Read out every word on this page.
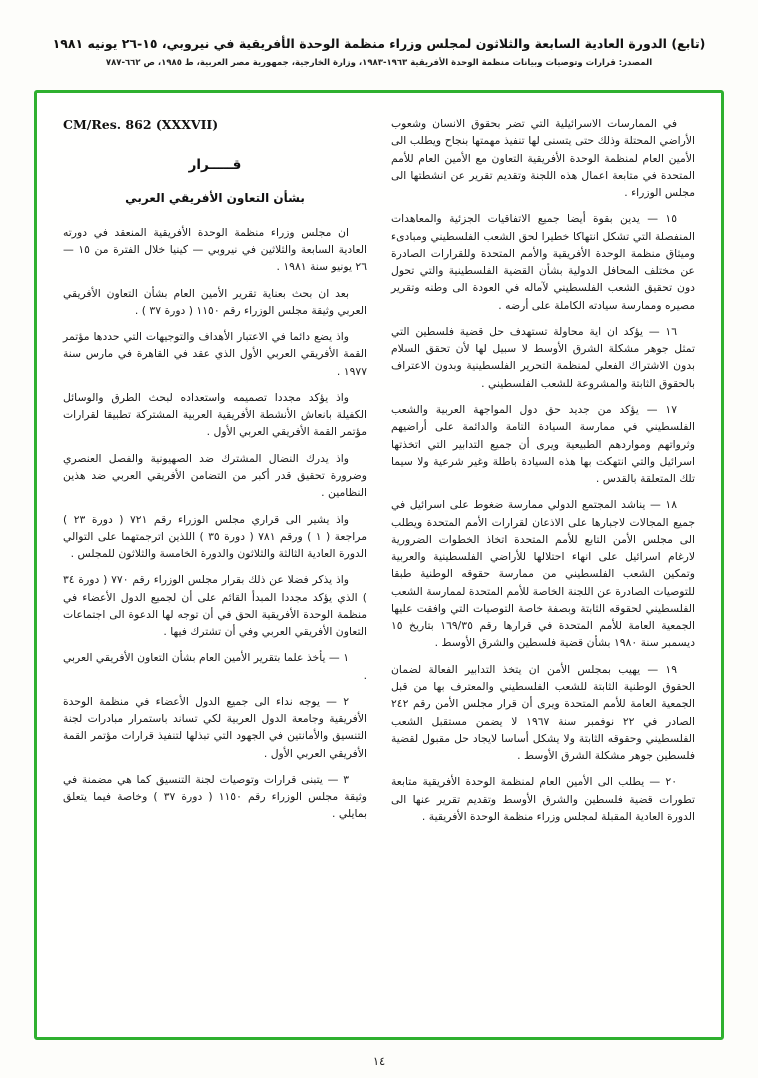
(تابع) الدورة العادية السابعة والثلاثون لمجلس وزراء منظمة الوحدة الأفريقية في نيروبي، ١٥-٢٦ يونيه ١٩٨١
المصدر: قرارات وتوصيات وبيانات منظمة الوحدة الأفريقية ١٩٦٣-١٩٨٣، وزارة الخارجية، جمهورية مصر العربية، ط ١٩٨٥، ص ٦٦٢-٧٨٧

في الممارسات الاسرائيلية التي تضر بحقوق الانسان وشعوب الأراضي المحتلة وذلك حتى يتسنى لها تنفيذ مهمتها بنجاح ويطلب الى الأمين العام لمنظمة الوحدة الأفريقية التعاون مع الأمين العام للأمم المتحدة في متابعة اعمال هذه اللجنة وتقديم تقرير عن انشطتها الى مجلس الوزراء .

١٥ — يدين بقوة أيضا جميع الاتفاقيات الجزئية والمعاهدات المنفصلة التي تشكل انتهاكا خطيرا لحق الشعب الفلسطيني ومبادىء وميثاق منظمة الوحدة الأفريقية والأمم المتحدة وللقرارات الصادرة عن مختلف المحافل الدولية بشأن القضية الفلسطينية والتي تحول دون تحقيق الشعب الفلسطيني لآماله في العودة الى وطنه وتقرير مصيره وممارسة سيادته الكاملة على أرضه .

١٦ — يؤكد ان اية محاولة تستهدف حل قضية فلسطين التي تمثل جوهر مشكلة الشرق الأوسط لا سبيل لها لأن تحقق السلام بدون الاشتراك الفعلي لمنظمة التحرير الفلسطينية وبدون الاعتراف بالحقوق الثابتة والمشروعة للشعب الفلسطيني .

١٧ — يؤكد من جديد حق دول المواجهة العربية والشعب الفلسطيني في ممارسة السيادة التامة والدائمة على أراضيهم وثرواتهم ومواردهم الطبيعية ويرى أن جميع التدابير التي اتخذتها اسرائيل والتي انتهكت بها هذه السيادة باطلة وغير شرعية ولا سيما تلك المتعلقة بالقدس .

١٨ — يناشد المجتمع الدولي ممارسة ضغوط على اسرائيل في جميع المجالات لاجبارها على الاذعان لقرارات الأمم المتحدة ويطلب الى مجلس الأمن التابع للأمم المتحدة اتخاذ الخطوات الضرورية لارغام اسرائيل على انهاء احتلالها للأراضي الفلسطينية والعربية وتمكين الشعب الفلسطيني من ممارسة حقوقه الوطنية طبقا للتوصيات الصادرة عن اللجنة الخاصة للأمم المتحدة لممارسة الشعب الفلسطيني لحقوقه الثابتة وبصفة خاصة التوصيات التي وافقت عليها الجمعية العامة للأمم المتحدة في قرارها رقم ١٦٩/٣٥ بتاريخ ١٥ ديسمبر سنة ١٩٨٠ بشأن قضية فلسطين والشرق الأوسط .

١٩ — يهيب بمجلس الأمن ان يتخذ التدابير الفعالة لضمان الحقوق الوطنية الثابتة للشعب الفلسطيني والمعترف بها من قبل الجمعية العامة للأمم المتحدة ويرى أن قرار مجلس الأمن رقم ٢٤٢ الصادر في ٢٢ نوفمبر سنة ١٩٦٧ لا يضمن مستقبل الشعب الفلسطيني وحقوقه الثابتة ولا يشكل أساسا لايجاد حل مقبول لقضية فلسطين جوهر مشكلة الشرق الأوسط .

٢٠ — يطلب الى الأمين العام لمنظمة الوحدة الأفريقية متابعة تطورات قضية فلسطين والشرق الأوسط وتقديم تقرير عنها الى الدورة العادية المقبلة لمجلس وزراء منظمة الوحدة الأفريقية .

CM/Res. 862 (XXXVII)
قـــــرار
بشأن التعاون الأفريقي العربي

ان مجلس وزراء منظمة الوحدة الأفريقية المنعقد في دورته العادية السابعة والثلاثين في نيروبي — كينيا خلال الفترة من ١٥ — ٢٦ يونيو سنة ١٩٨١ .

بعد ان بحث بعناية تقرير الأمين العام بشأن التعاون الأفريقي العربي وثيقة مجلس الوزراء رقم ١١٥٠ ( دورة ٣٧ ) .

واذ يضع دائما في الاعتبار الأهداف والتوجيهات التي حددها مؤتمر القمة الأفريقي العربي الأول الذي عقد في القاهرة في مارس سنة ١٩٧٧ .

واذ يؤكد مجددا تصميمه واستعداده لبحث الطرق والوسائل الكفيلة بانعاش الأنشطة الأفريقية العربية المشتركة تطبيقا لقرارات مؤتمر القمة الأفريقي العربي الأول .

واذ يدرك النضال المشترك ضد الصهيونية والفصل العنصري وضرورة تحقيق قدر أكبر من التضامن الأفريقي العربي ضد هذين النظامين .

واذ يشير الى قراري مجلس الوزراء رقم ٧٢١ ( دورة ٢٣ ) مراجعة ( ١ ) ورقم ٧٨١ ( دورة ٣٥ ) اللذين اترجمتهما على التوالي الدورة العادية الثالثة والثلاثون والدورة الخامسة والثلاثون للمجلس .

واذ يذكر فضلا عن ذلك بقرار مجلس الوزراء رقم ٧٧٠ ( دورة ٣٤ ) الذي يؤكد مجددا المبدأ القائم على أن لجميع الدول الأعضاء في منظمة الوحدة الأفريقية الحق في أن توجه لها الدعوة الى اجتماعات التعاون الأفريقي العربي وفي أن تشترك فيها .

١ — يأخذ علما بتقرير الأمين العام بشأن التعاون الأفريقي العربي .

٢ — يوجه نداء الى جميع الدول الأعضاء في منظمة الوحدة الأفريقية وجامعة الدول العربية لكي تساند باستمرار مبادرات لجنة التنسيق والأمانتين في الجهود التي تبذلها لتنفيذ قرارات مؤتمر القمة الأفريقي العربي الأول .

٣ — يتبنى قرارات وتوصيات لجنة التنسيق كما هي مضمنة في وثيقة مجلس الوزراء رقم ١١٥٠ ( دورة ٣٧ ) وخاصة فيما يتعلق بمايلي .

١٤
